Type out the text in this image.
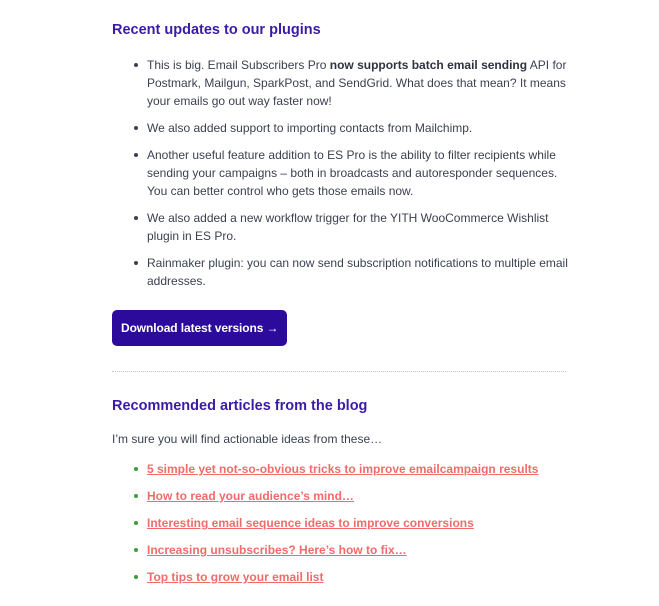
Recent updates to our plugins
This is big. Email Subscribers Pro now supports batch email sending API for Postmark, Mailgun, SparkPost, and SendGrid. What does that mean? It means your emails go out way faster now!
We also added support to importing contacts from Mailchimp.
Another useful feature addition to ES Pro is the ability to filter recipients while sending your campaigns – both in broadcasts and autoresponder sequences. You can better control who gets those emails now.
We also added a new workflow trigger for the YITH WooCommerce Wishlist plugin in ES Pro.
Rainmaker plugin: you can now send subscription notifications to multiple email addresses.
Download latest versions →
Recommended articles from the blog

I’m sure you will find actionable ideas from these…

5 simple yet not-so-obvious tricks to improve emailcampaign results
How to read your audience’s mind…
Interesting email sequence ideas to improve conversions
Increasing unsubscribes? Here’s how to fix…
Top tips to grow your email list
